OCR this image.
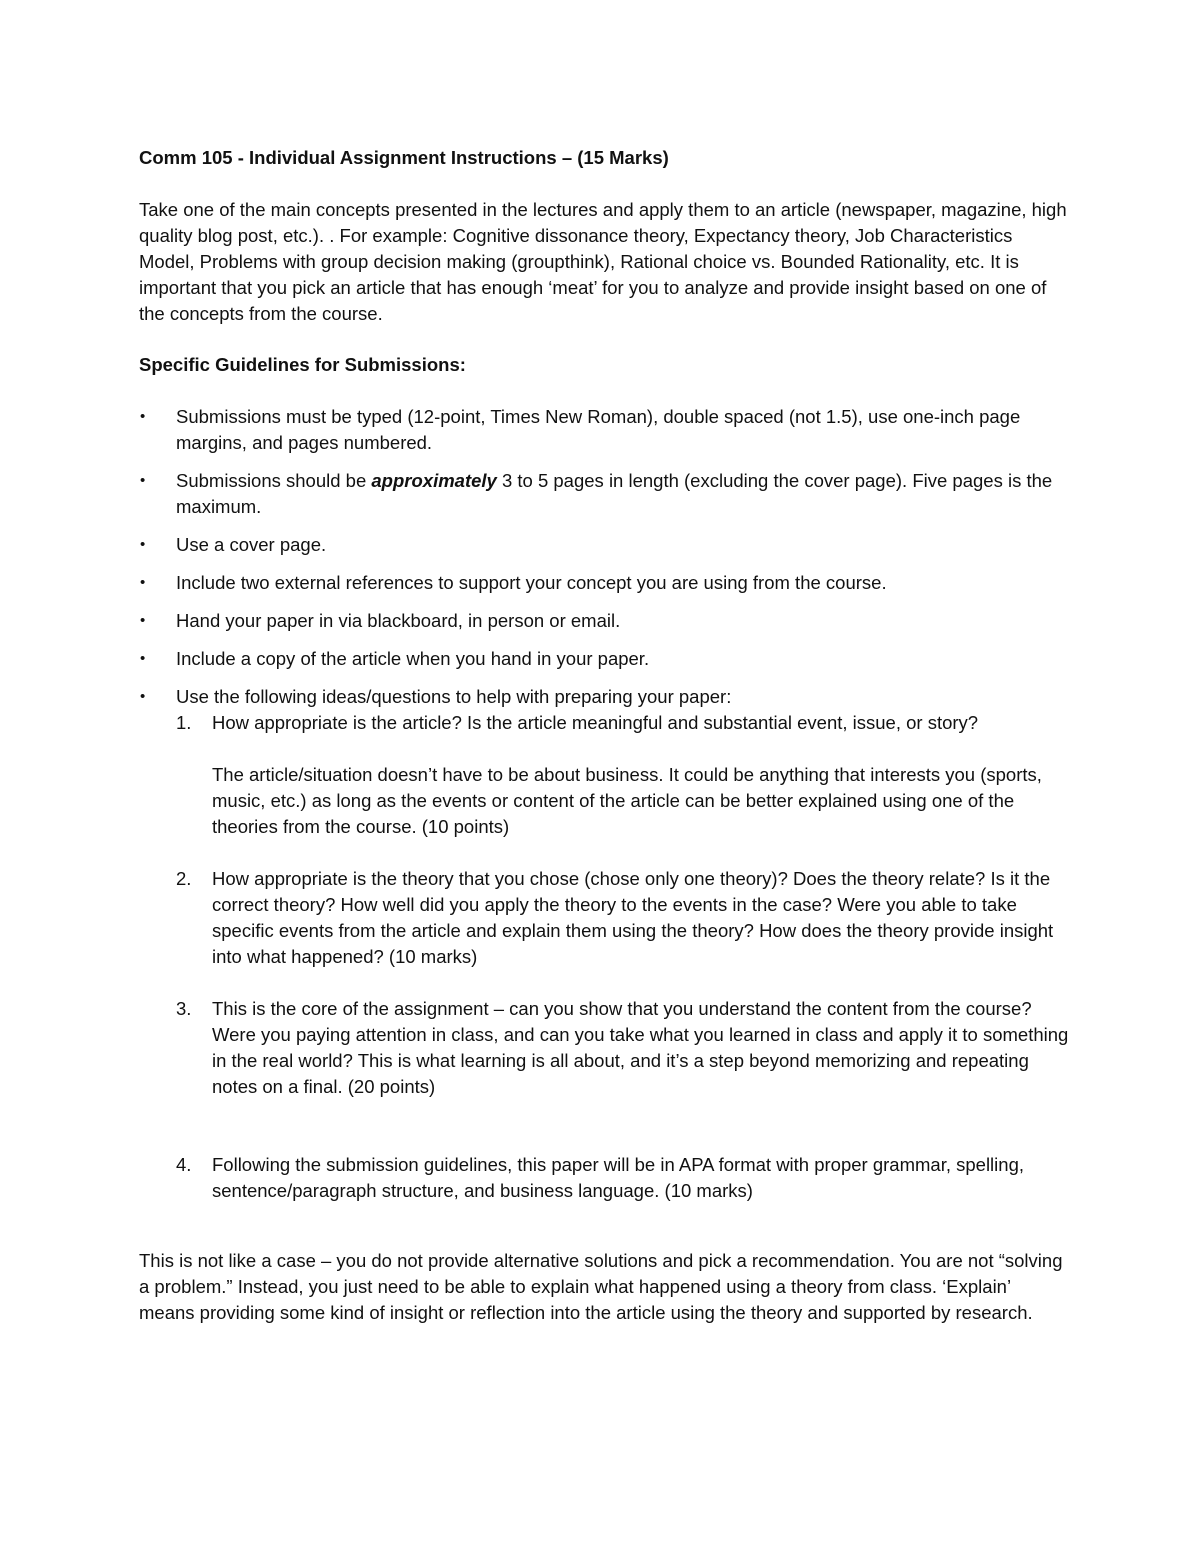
Comm 105 - Individual Assignment Instructions – (15 Marks)

Take one of the main concepts presented in the lectures and apply them to an article (newspaper, magazine, high quality blog post, etc.). . For example: Cognitive dissonance theory, Expectancy theory, Job Characteristics Model, Problems with group decision making (groupthink), Rational choice vs. Bounded Rationality, etc. It is important that you pick an article that has enough ‘meat’ for you to analyze and provide insight based on one of the concepts from the course.

Specific Guidelines for Submissions:

• Submissions must be typed (12-point, Times New Roman), double spaced (not 1.5), use one-inch page margins, and pages numbered.
• Submissions should be approximately 3 to 5 pages in length (excluding the cover page). Five pages is the maximum.
• Use a cover page.
• Include two external references to support your concept you are using from the course.
• Hand your paper in via blackboard, in person or email.
• Include a copy of the article when you hand in your paper.
• Use the following ideas/questions to help with preparing your paper:
1. How appropriate is the article? Is the article meaningful and substantial event, issue, or story?
The article/situation doesn’t have to be about business. It could be anything that interests you (sports, music, etc.) as long as the events or content of the article can be better explained using one of the theories from the course. (10 points)
2. How appropriate is the theory that you chose (chose only one theory)? Does the theory relate? Is it the correct theory? How well did you apply the theory to the events in the case? Were you able to take specific events from the article and explain them using the theory? How does the theory provide insight into what happened? (10 marks)
3. This is the core of the assignment – can you show that you understand the content from the course? Were you paying attention in class, and can you take what you learned in class and apply it to something in the real world? This is what learning is all about, and it’s a step beyond memorizing and repeating notes on a final. (20 points)
4. Following the submission guidelines, this paper will be in APA format with proper grammar, spelling, sentence/paragraph structure, and business language. (10 marks)

This is not like a case – you do not provide alternative solutions and pick a recommendation. You are not “solving a problem.” Instead, you just need to be able to explain what happened using a theory from class. ‘Explain’ means providing some kind of insight or reflection into the article using the theory and supported by research.
